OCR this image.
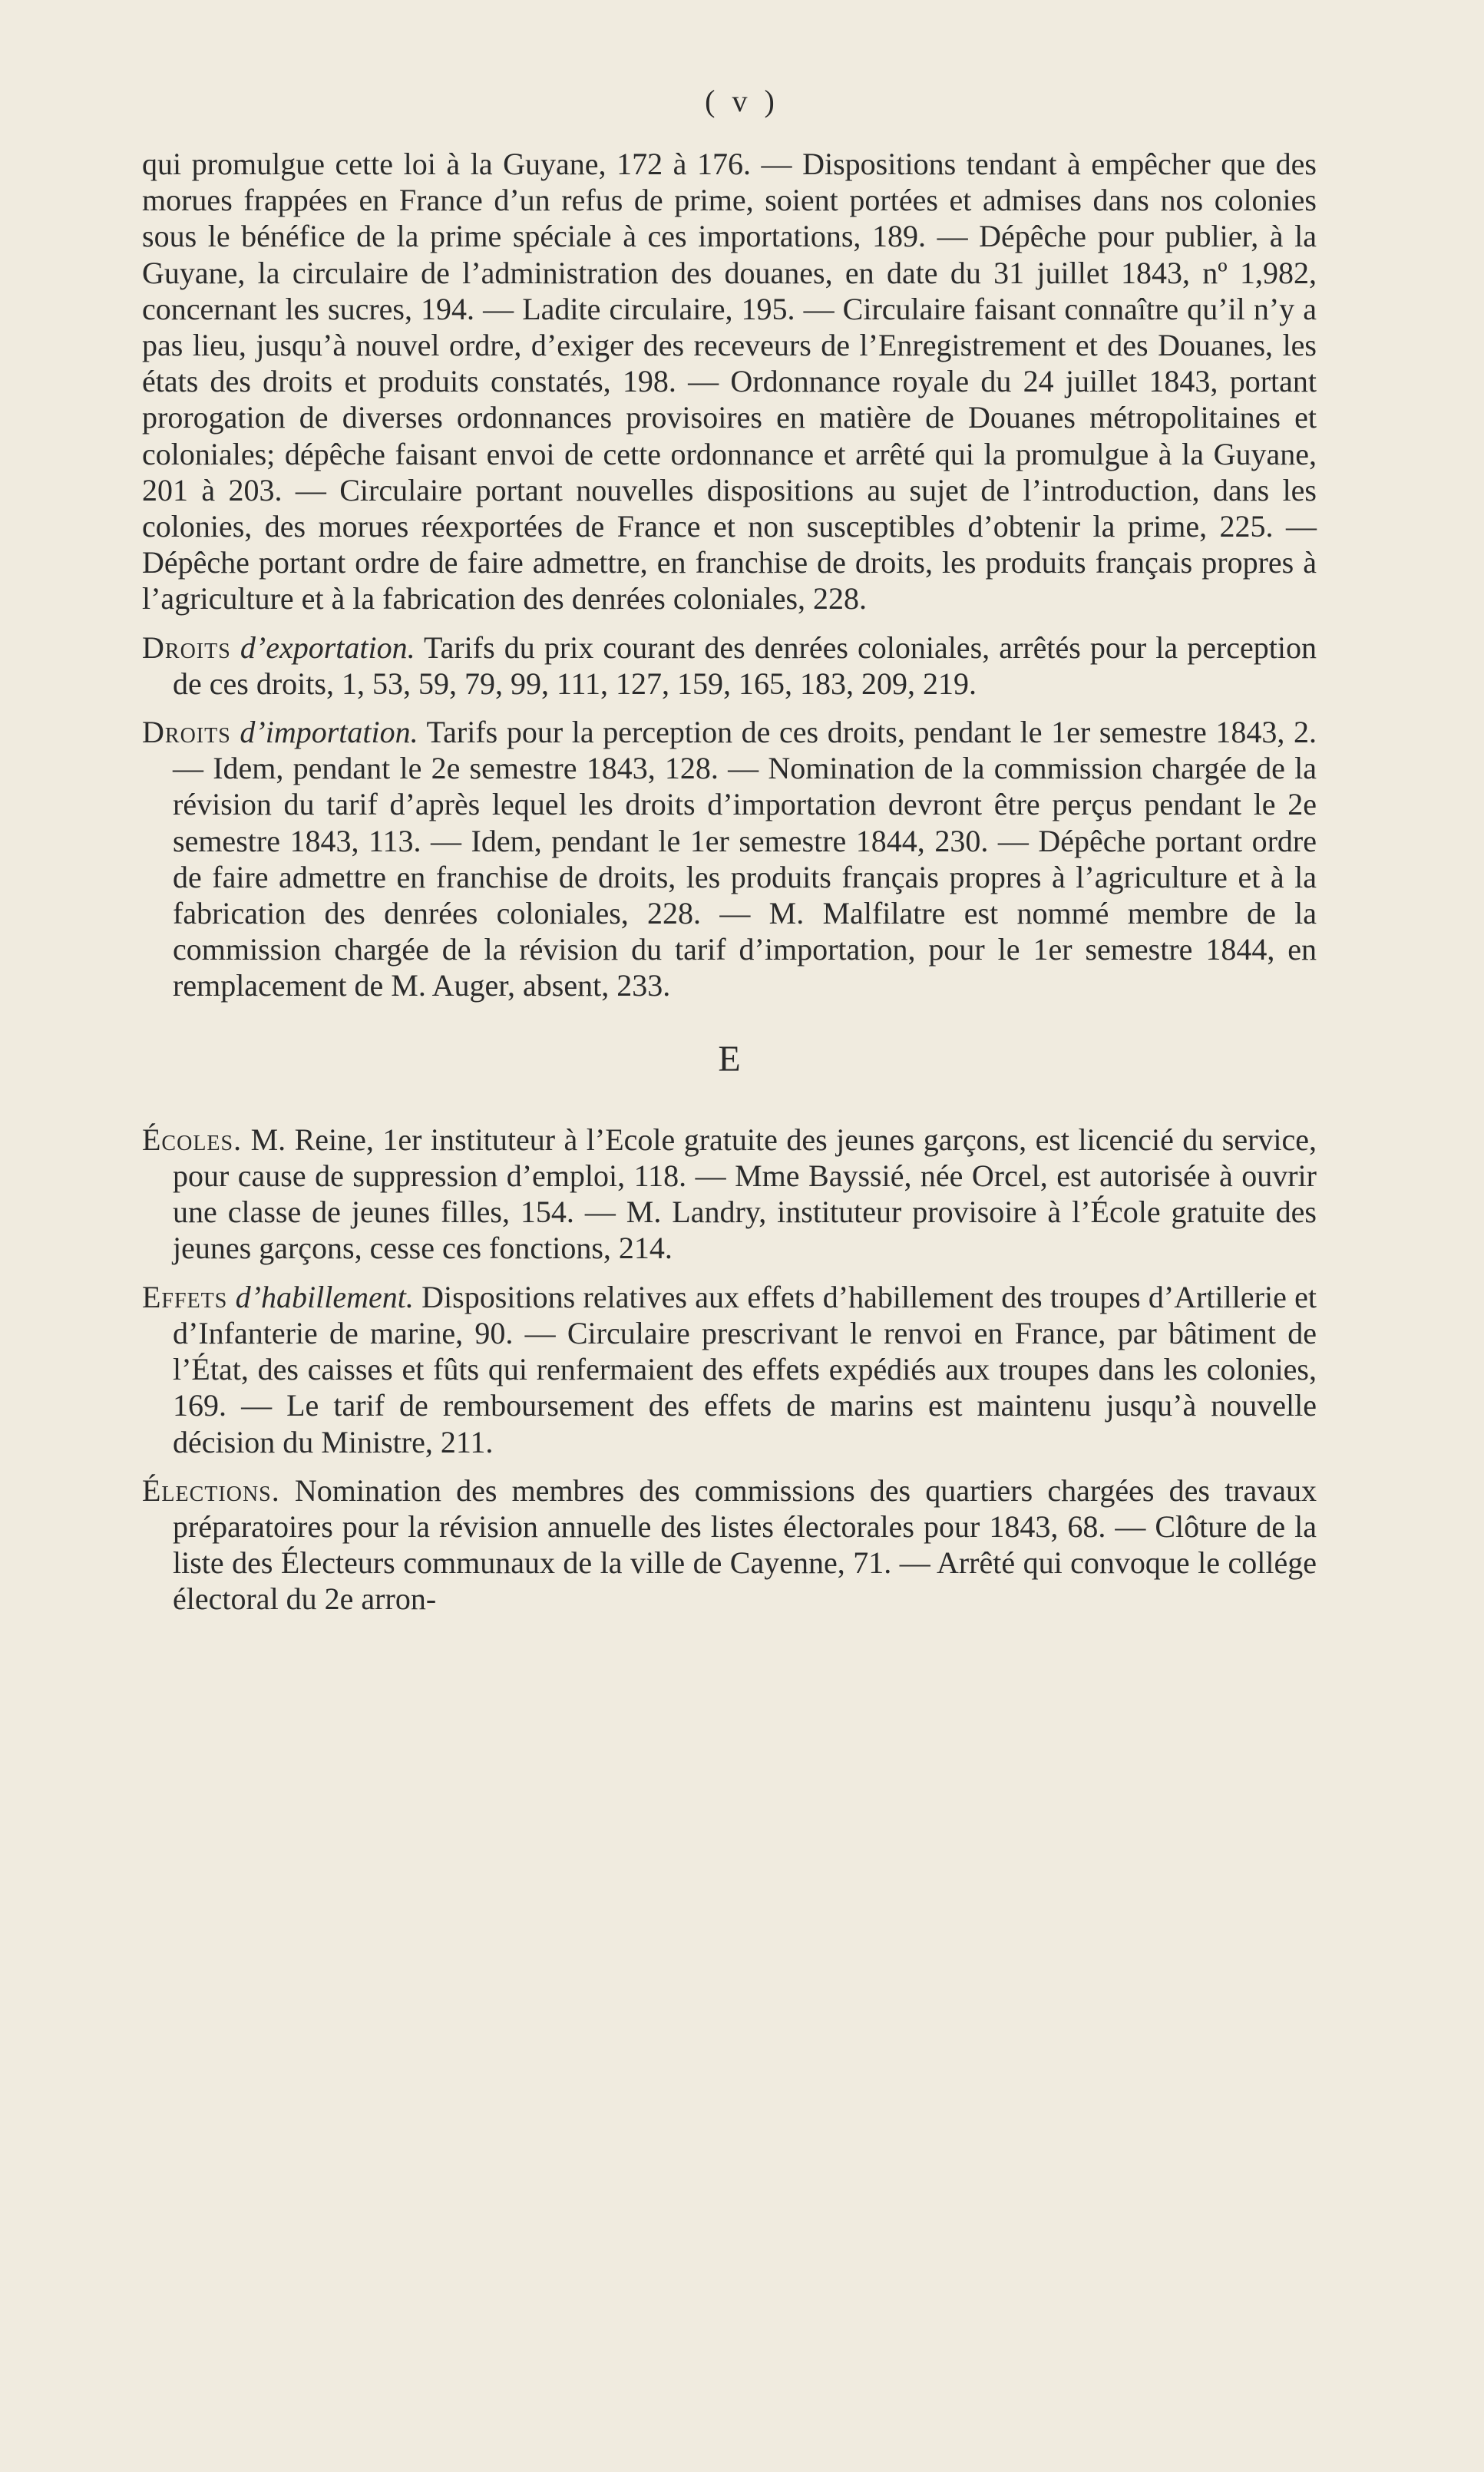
( v )

qui promulgue cette loi à la Guyane, 172 à 176. — Dispositions tendant à empêcher que des morues frappées en France d’un refus de prime, soient portées et admises dans nos colonies sous le bénéfice de la prime spéciale à ces importations, 189. — Dépêche pour publier, à la Guyane, la circulaire de l’administration des douanes, en date du 31 juillet 1843, nº 1,982, concernant les sucres, 194. — Ladite circulaire, 195. — Circulaire faisant connaître qu’il n’y a pas lieu, jusqu’à nouvel ordre, d’exiger des receveurs de l’Enregistrement et des Douanes, les états des droits et produits constatés, 198. — Ordonnance royale du 24 juillet 1843, portant prorogation de diverses ordonnances provisoires en matière de Douanes métropolitaines et coloniales; dépêche faisant envoi de cette ordonnance et arrêté qui la promulgue à la Guyane, 201 à 203. — Circulaire portant nouvelles dispositions au sujet de l’introduction, dans les colonies, des morues réexportées de France et non susceptibles d’obtenir la prime, 225. — Dépêche portant ordre de faire admettre, en franchise de droits, les produits français propres à l’agriculture et à la fabrication des denrées coloniales, 228.

Droits d’exportation. Tarifs du prix courant des denrées coloniales, arrêtés pour la perception de ces droits, 1, 53, 59, 79, 99, 111, 127, 159, 165, 183, 209, 219.

Droits d’importation. Tarifs pour la perception de ces droits, pendant le 1er semestre 1843, 2. — Idem, pendant le 2e semestre 1843, 128. — Nomination de la commission chargée de la révision du tarif d’après lequel les droits d’importation devront être perçus pendant le 2e semestre 1843, 113. — Idem, pendant le 1er semestre 1844, 230. — Dépêche portant ordre de faire admettre en franchise de droits, les produits français propres à l’agriculture et à la fabrication des denrées coloniales, 228. — M. Malfilatre est nommé membre de la commission chargée de la révision du tarif d’importation, pour le 1er semestre 1844, en remplacement de M. Auger, absent, 233.

E

Écoles. M. Reine, 1er instituteur à l’Ecole gratuite des jeunes garçons, est licencié du service, pour cause de suppression d’emploi, 118. — Mme Bayssié, née Orcel, est autorisée à ouvrir une classe de jeunes filles, 154. — M. Landry, instituteur provisoire à l’École gratuite des jeunes garçons, cesse ces fonctions, 214.

Effets d’habillement. Dispositions relatives aux effets d’habillement des troupes d’Artillerie et d’Infanterie de marine, 90. — Circulaire prescrivant le renvoi en France, par bâtiment de l’État, des caisses et fûts qui renfermaient des effets expédiés aux troupes dans les colonies, 169. — Le tarif de remboursement des effets de marins est maintenu jusqu’à nouvelle décision du Ministre, 211.

Élections. Nomination des membres des commissions des quartiers chargées des travaux préparatoires pour la révision annuelle des listes électorales pour 1843, 68. — Clôture de la liste des Électeurs communaux de la ville de Cayenne, 71. — Arrêté qui convoque le collége électoral du 2e arron-
